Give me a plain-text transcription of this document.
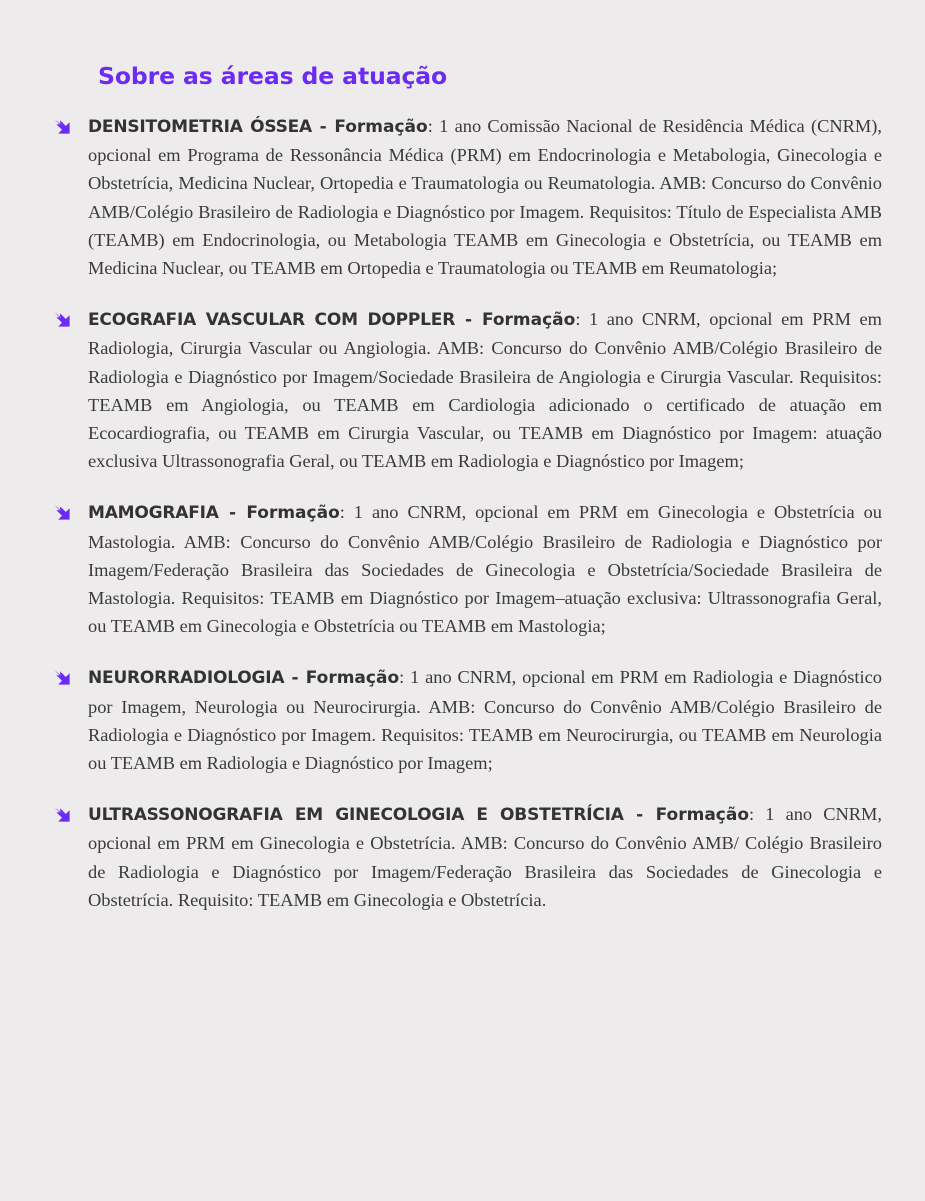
Sobre as áreas de atuação

DENSITOMETRIA ÓSSEA - Formação: 1 ano Comissão Nacional de Residência Médica (CNRM), opcional em Programa de Ressonância Médica (PRM) em Endocrinologia e Metabologia, Ginecologia e Obstetrícia, Medicina Nuclear, Ortopedia e Traumatologia ou Reumatologia. AMB: Concurso do Convênio AMB/Colégio Brasileiro de Radiologia e Diagnóstico por Imagem. Requisitos: Título de Especialista AMB (TEAMB) em Endocrinologia, ou Metabologia TEAMB em Ginecologia e Obstetrícia, ou TEAMB em Medicina Nuclear, ou TEAMB em Ortopedia e Traumatologia ou TEAMB em Reumatologia;

ECOGRAFIA VASCULAR COM DOPPLER - Formação: 1 ano CNRM, opcional em PRM em Radiologia, Cirurgia Vascular ou Angiologia. AMB: Concurso do Convênio AMB/Colégio Brasileiro de Radiologia e Diagnóstico por Imagem/Sociedade Brasileira de Angiologia e Cirurgia Vascular. Requisitos: TEAMB em Angiologia, ou TEAMB em Cardiologia adicionado o certificado de atuação em Ecocardiografia, ou TEAMB em Cirurgia Vascular, ou TEAMB em Diagnóstico por Imagem: atuação exclusiva Ultrassonografia Geral, ou TEAMB em Radiologia e Diagnóstico por Imagem;

MAMOGRAFIA - Formação: 1 ano CNRM, opcional em PRM em Ginecologia e Obstetrícia ou Mastologia. AMB: Concurso do Convênio AMB/Colégio Brasileiro de Radiologia e Diagnóstico por Imagem/Federação Brasileira das Sociedades de Ginecologia e Obstetrícia/Sociedade Brasileira de Mastologia. Requisitos: TEAMB em Diagnóstico por Imagem–atuação exclusiva: Ultrassonografia Geral, ou TEAMB em Ginecologia e Obstetrícia ou TEAMB em Mastologia;

NEURORRADIOLOGIA - Formação: 1 ano CNRM, opcional em PRM em Radiologia e Diagnóstico por Imagem, Neurologia ou Neurocirurgia. AMB: Concurso do Convênio AMB/Colégio Brasileiro de Radiologia e Diagnóstico por Imagem. Requisitos: TEAMB em Neurocirurgia, ou TEAMB em Neurologia ou TEAMB em Radiologia e Diagnóstico por Imagem;

ULTRASSONOGRAFIA EM GINECOLOGIA E OBSTETRÍCIA - Formação: 1 ano CNRM, opcional em PRM em Ginecologia e Obstetrícia. AMB: Concurso do Convênio AMB/ Colégio Brasileiro de Radiologia e Diagnóstico por Imagem/Federação Brasileira das Sociedades de Ginecologia e Obstetrícia. Requisito: TEAMB em Ginecologia e Obstetrícia.
